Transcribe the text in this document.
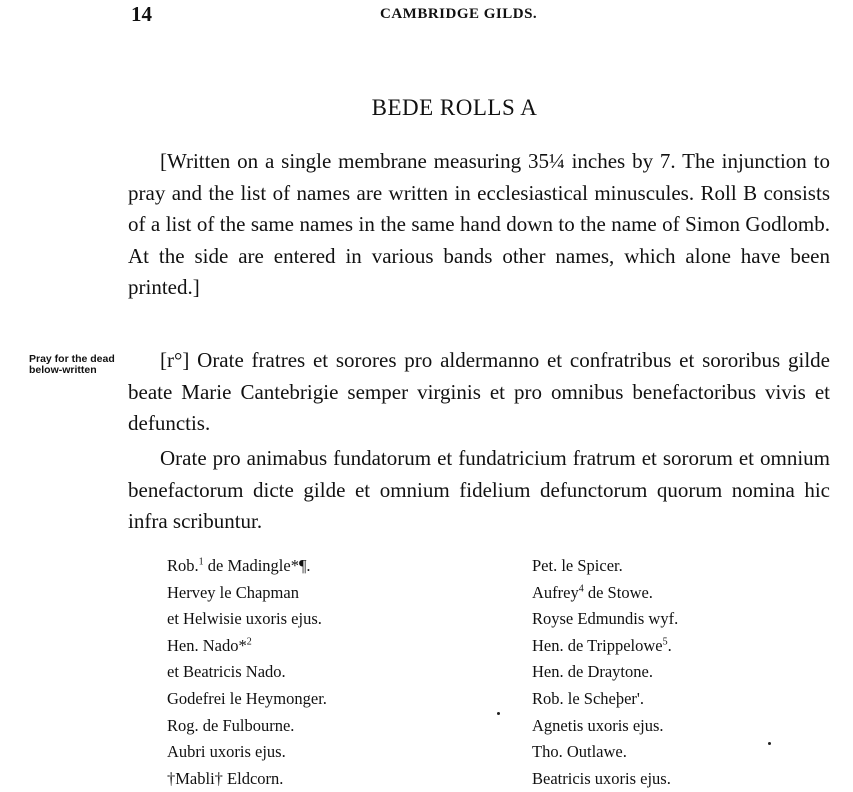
14	CAMBRIDGE GILDS.
BEDE ROLLS A

[Written on a single membrane measuring 35¼ inches by 7. The injunction to pray and the list of names are written in ecclesiastical minuscules. Roll B consists of a list of the same names in the same hand down to the name of Simon Godlomb. At the side are entered in various bands other names, which alone have been printed.]

Pray for the dead below-written	[r°] Orate fratres et sorores pro aldermanno et confratribus et sororibus gilde beate Marie Cantebrigie semper virginis et pro omnibus benefactoribus vivis et defunctis.

Orate pro animabus fundatorum et fundatricium fratrum et sororum et omnium benefactorum dicte gilde et omnium fidelium defunctorum quorum nomina hic infra scribuntur.

Rob.$^1$ de Madingle*¶.
Hervey le Chapman
et Helwisie uxoris ejus.
Hen. Nado*$^2$
et Beatricis Nado.
Godefrei le Heymonger.
Rog. de Fulbourne.
Aubri uxoris ejus.
†Mabli† Eldcorn.
Pet. le Spicer.
Aufrey$^4$ de Stowe.
Royse Edmundis wyf.
Hen. de Trippelowe$^5$.
Hen. de Draytone.
Rob. le Scheþer'.
Agnetis uxoris ejus.
Tho. Outlawe.
Beatricis uxoris ejus.
